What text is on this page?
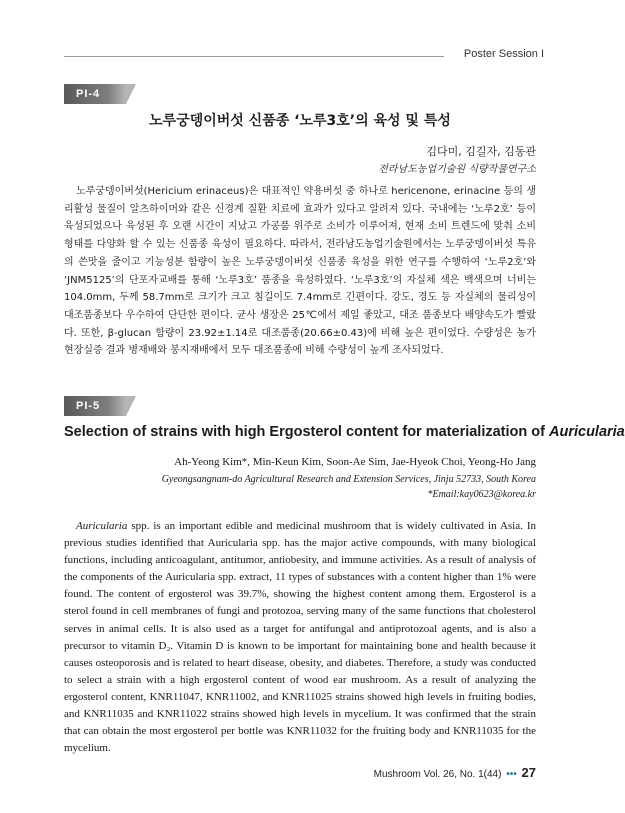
Poster Session I
PI-4
노루궁뎅이버섯 신품종 ‘노루3호’의 육성 및 특성
김다미, 김길자, 김동관
전라남도농업기술원 식량작물연구소

노루궁뎅이버섯(Hericium erinaceus)은 대표적인 약용버섯 중 하나로 hericenone, erinacine 등의 생리활성 물질이 알츠하이머와 같은 신경계 질환 치료에 효과가 있다고 알려져 있다. 국내에는 ‘노루2호’ 등이 육성되었으나 육성된 후 오랜 시간이 지났고 가공품 위주로 소비가 이루어져, 현재 소비 트렌드에 맞춰 소비 형태를 다양화 할 수 있는 신품종 육성이 필요하다. 따라서, 전라남도농업기술원에서는 노루궁뎅이버섯 특유의 쓴맛을 줄이고 기능성분 함량이 높은 노루궁뎅이버섯 신품종 육성을 위한 연구를 수행하여 ‘노루2호’와 ‘JNM5125’의 단포자교배를 통해 ‘노루3호’ 품종을 육성하였다. ‘노루3호’의 자실체 색은 백색으며 너비는 104.0mm, 두께 58.7mm로 크기가 크고 침길이도 7.4mm로 긴편이다. 강도, 경도 등 자실체의 물리성이 대조품종보다 우수하여 단단한 편이다. 균사 생장은 25℃에서 제일 좋았고, 대조 품종보다 배양속도가 빨랐다. 또한, β-glucan 함량이 23.92±1.14로 대조품종(20.66±0.43)에 비해 높은 편이었다. 수량성은 농가 현장실증 결과 병재배와 봉지재배에서 모두 대조품종에 비해 수량성이 높게 조사되었다.

PI-5
Selection of strains with high Ergosterol content for materialization of Auricularia
Ah-Yeong Kim*, Min-Keun Kim, Soon-Ae Sim, Jae-Hyeok Choi, Yeong-Ho Jang
Gyeongsangnam-do Agricultural Research and Extension Services, Jinju 52733, South Korea
*Email:kay0623@korea.kr

Auricularia spp. is an important edible and medicinal mushroom that is widely cultivated in Asia. In previous studies identified that Auricularia spp. has the major active compounds, with many biological functions, including anticoagulant, antitumor, antiobesity, and immune activities. As a result of analysis of the components of the Auricularia spp. extract, 11 types of substances with a content higher than 1% were found. The content of ergosterol was 39.7%, showing the highest content among them. Ergosterol is a sterol found in cell membranes of fungi and protozoa, serving many of the same functions that cholesterol serves in animal cells. It is also used as a target for antifungal and antiprotozoal agents, and is also a precursor to vitamin D₂. Vitamin D is known to be important for maintaining bone and health because it causes osteoporosis and is related to heart disease, obesity, and diabetes. Therefore, a study was conducted to select a strain with a high ergosterol content of wood ear mushroom. As a result of analyzing the ergosterol content, KNR11047, KNR11002, and KNR11025 strains showed high levels in fruiting bodies, and KNR11035 and KNR11022 strains showed high levels in mycelium. It was confirmed that the strain that can obtain the most ergosterol per bottle was KNR11032 for the fruiting body and KNR11035 for the mycelium.

Mushroom Vol. 26, No. 1(44) ••• 27
